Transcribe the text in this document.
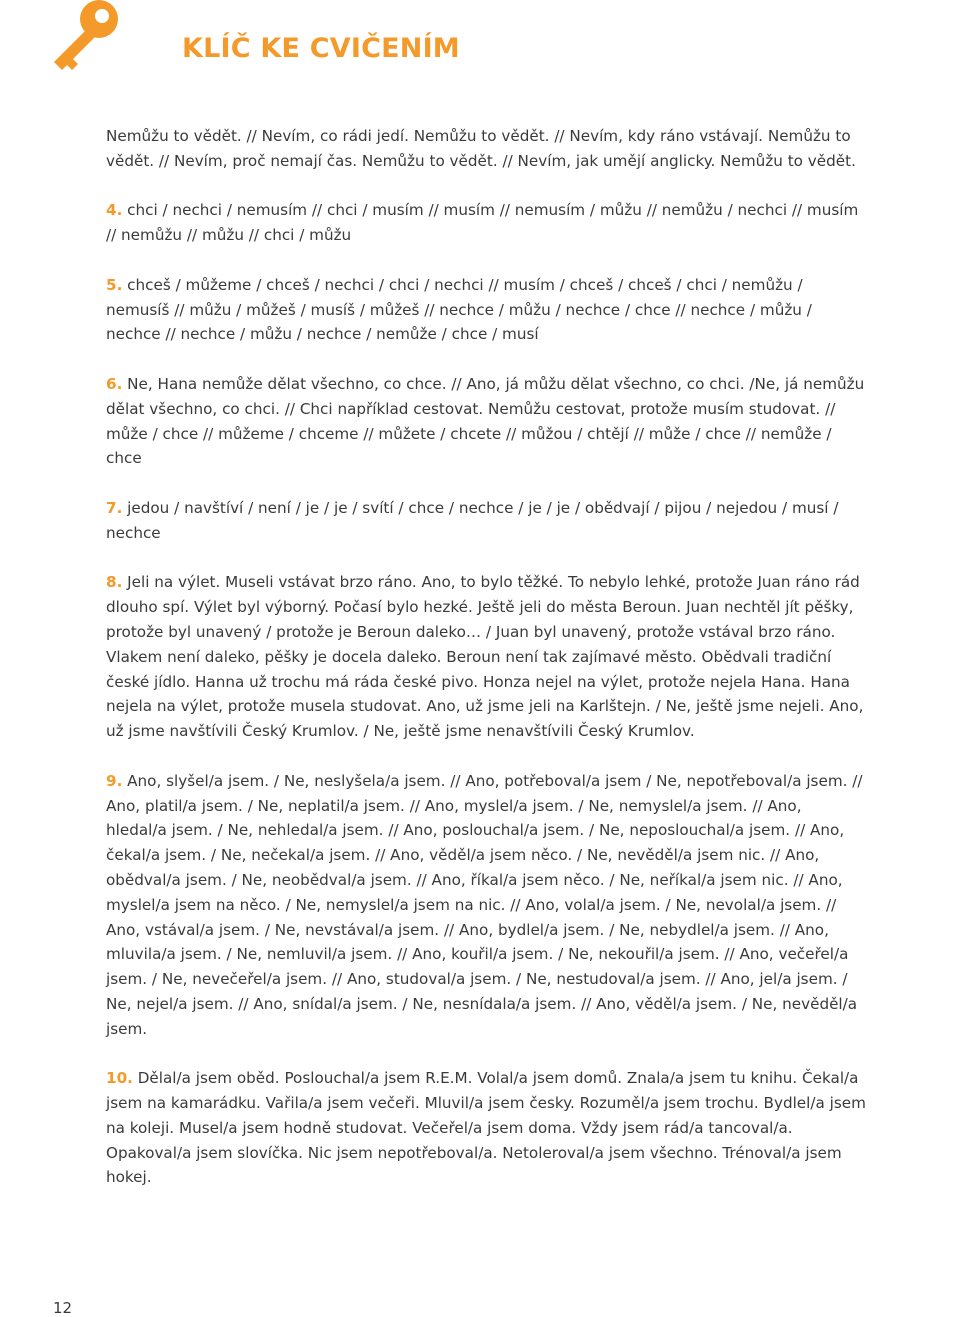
KLÍČ KE CVIČENÍM

Nemůžu to vědět. // Nevím, co rádi jedí. Nemůžu to vědět. // Nevím, kdy ráno vstávají. Nemůžu to vědět. // Nevím, proč nemají čas. Nemůžu to vědět. // Nevím, jak umějí anglicky. Nemůžu to vědět.

4. chci / nechci / nemusím // chci / musím // musím // nemusím / můžu // nemůžu / nechci // musím // nemůžu // můžu // chci / můžu

5. chceš / můžeme / chceš / nechci / chci / nechci // musím / chceš / chceš / chci / nemůžu / nemusíš // můžu / můžeš / musíš / můžeš // nechce / můžu / nechce / chce // nechce / můžu / nechce // nechce / můžu / nechce / nemůže / chce / musí

6. Ne, Hana nemůže dělat všechno, co chce. // Ano, já můžu dělat všechno, co chci. /Ne, já nemůžu dělat všechno, co chci. // Chci například cestovat. Nemůžu cestovat, protože musím studovat. // může / chce // můžeme / chceme // můžete / chcete // můžou / chtějí // může / chce // nemůže / chce

7. jedou / navštíví / není / je / je / svítí / chce / nechce / je / je / obědvají / pijou / nejedou / musí / nechce

8. Jeli na výlet. Museli vstávat brzo ráno. Ano, to bylo těžké. To nebylo lehké, protože Juan ráno rád dlouho spí. Výlet byl výborný. Počasí bylo hezké. Ještě jeli do města Beroun. Juan nechtěl jít pěšky, protože byl unavený / protože je Beroun daleko… / Juan byl unavený, protože vstával brzo ráno. Vlakem není daleko, pěšky je docela daleko. Beroun není tak zajímavé město. Obědvali tradiční české jídlo. Hanna už trochu má ráda české pivo. Honza nejel na výlet, protože nejela Hana. Hana nejela na výlet, protože musela studovat. Ano, už jsme jeli na Karlštejn. / Ne, ještě jsme nejeli. Ano, už jsme navštívili Český Krumlov. / Ne, ještě jsme nenavštívili Český Krumlov.

9. Ano, slyšel/a jsem. / Ne, neslyšela/a jsem. // Ano, potřeboval/a jsem / Ne, nepotřeboval/a jsem. // Ano, platil/a jsem. / Ne, neplatil/a jsem. // Ano, myslel/a jsem. / Ne, nemyslel/a jsem. // Ano, hledal/a jsem. / Ne, nehledal/a jsem. // Ano, poslouchal/a jsem. / Ne, neposlouchal/a jsem. // Ano, čekal/a jsem. / Ne, nečekal/a jsem. // Ano, věděl/a jsem něco. / Ne, nevěděl/a jsem nic. // Ano, obědval/a jsem. / Ne, neobědval/a jsem. // Ano, říkal/a jsem něco. / Ne, neříkal/a jsem nic. // Ano, myslel/a jsem na něco. / Ne, nemyslel/a jsem na nic. // Ano, volal/a jsem. / Ne, nevolal/a jsem. // Ano, vstával/a jsem. / Ne, nevstával/a jsem. // Ano, bydlel/a jsem. / Ne, nebydlel/a jsem. // Ano, mluvila/a jsem. / Ne, nemluvil/a jsem. // Ano, kouřil/a jsem. / Ne, nekouřil/a jsem. // Ano, večeřel/a jsem. / Ne, nevečeřel/a jsem. // Ano, studoval/a jsem. / Ne, nestudoval/a jsem. // Ano, jel/a jsem. / Ne, nejel/a jsem. // Ano, snídal/a jsem. / Ne, nesnídala/a jsem. // Ano, věděl/a jsem. / Ne, nevěděl/a jsem.

10. Dělal/a jsem oběd. Poslouchal/a jsem R.E.M. Volal/a jsem domů. Znala/a jsem tu knihu. Čekal/a jsem na kamarádku. Vařila/a jsem večeři. Mluvil/a jsem česky. Rozuměl/a jsem trochu. Bydlel/a jsem na koleji. Musel/a jsem hodně studovat. Večeřel/a jsem doma. Vždy jsem rád/a tancoval/a. Opakoval/a jsem slovíčka. Nic jsem nepotřeboval/a. Netoleroval/a jsem všechno. Trénoval/a jsem hokej.

12
